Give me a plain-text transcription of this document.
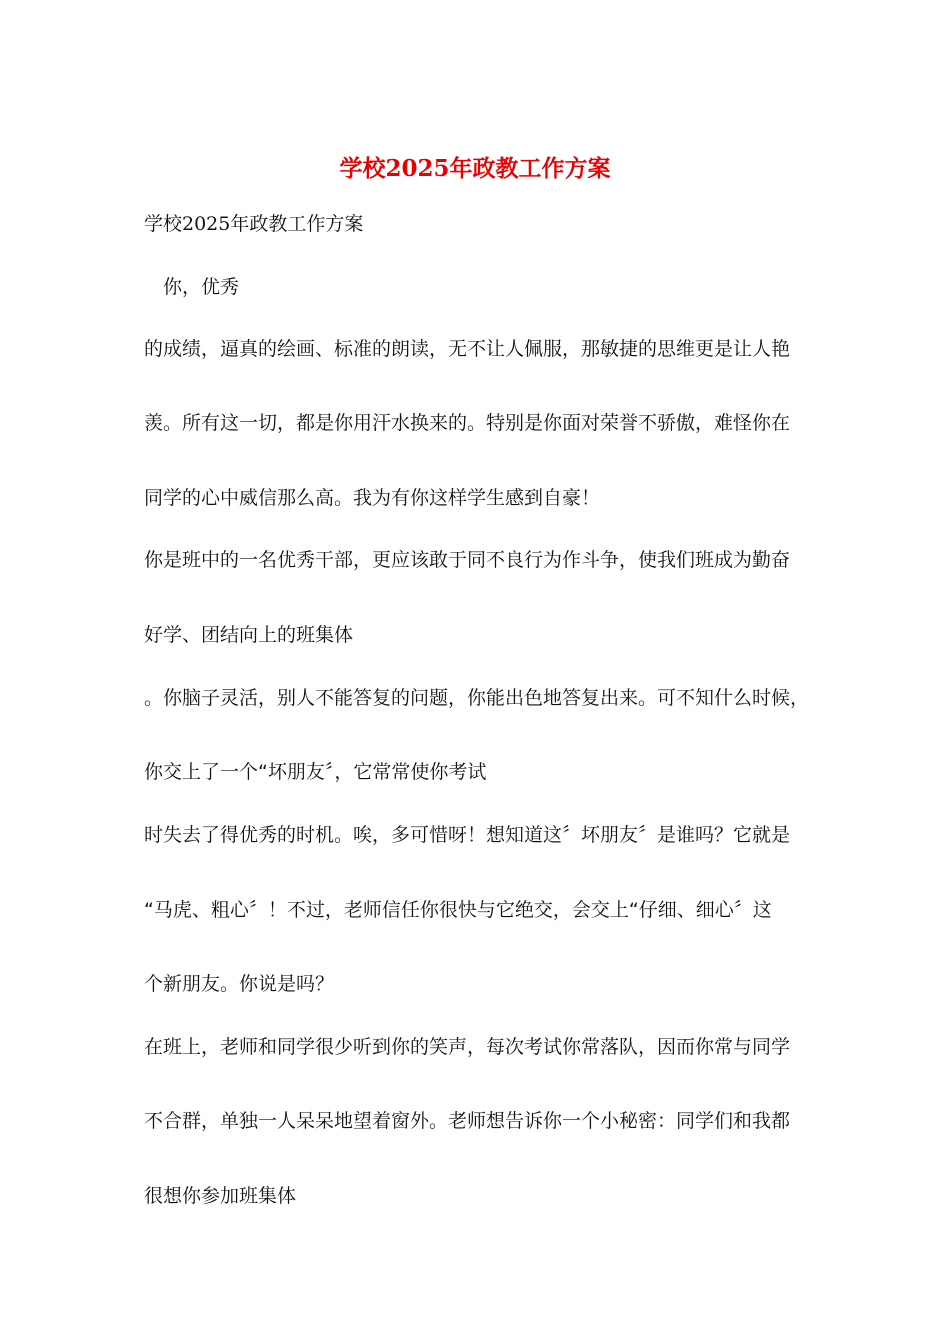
学校2025年政教工作方案

学校2025年政教工作方案

　你，优秀

的成绩，逼真的绘画、标准的朗读，无不让人佩服，那敏捷的思维更是让人艳

羡。所有这一切，都是你用汗水换来的。特别是你面对荣誉不骄傲，难怪你在

同学的心中威信那么高。我为有你这样学生感到自豪！

你是班中的一名优秀干部，更应该敢于同不良行为作斗争，使我们班成为勤奋

好学、团结向上的班集体

。你脑子灵活，别人不能答复的问题，你能出色地答复出来。可不知什么时候，

你交上了一个“坏朋友〞，它常常使你考试

时失去了得优秀的时机。唉，多可惜呀！想知道这〞坏朋友〞是谁吗？它就是

“马虎、粗心〞！不过，老师信任你很快与它绝交，会交上“仔细、细心〞这

个新朋友。你说是吗？

在班上，老师和同学很少听到你的笑声，每次考试你常落队，因而你常与同学

不合群，单独一人呆呆地望着窗外。老师想告诉你一个小秘密：同学们和我都

很想你参加班集体
